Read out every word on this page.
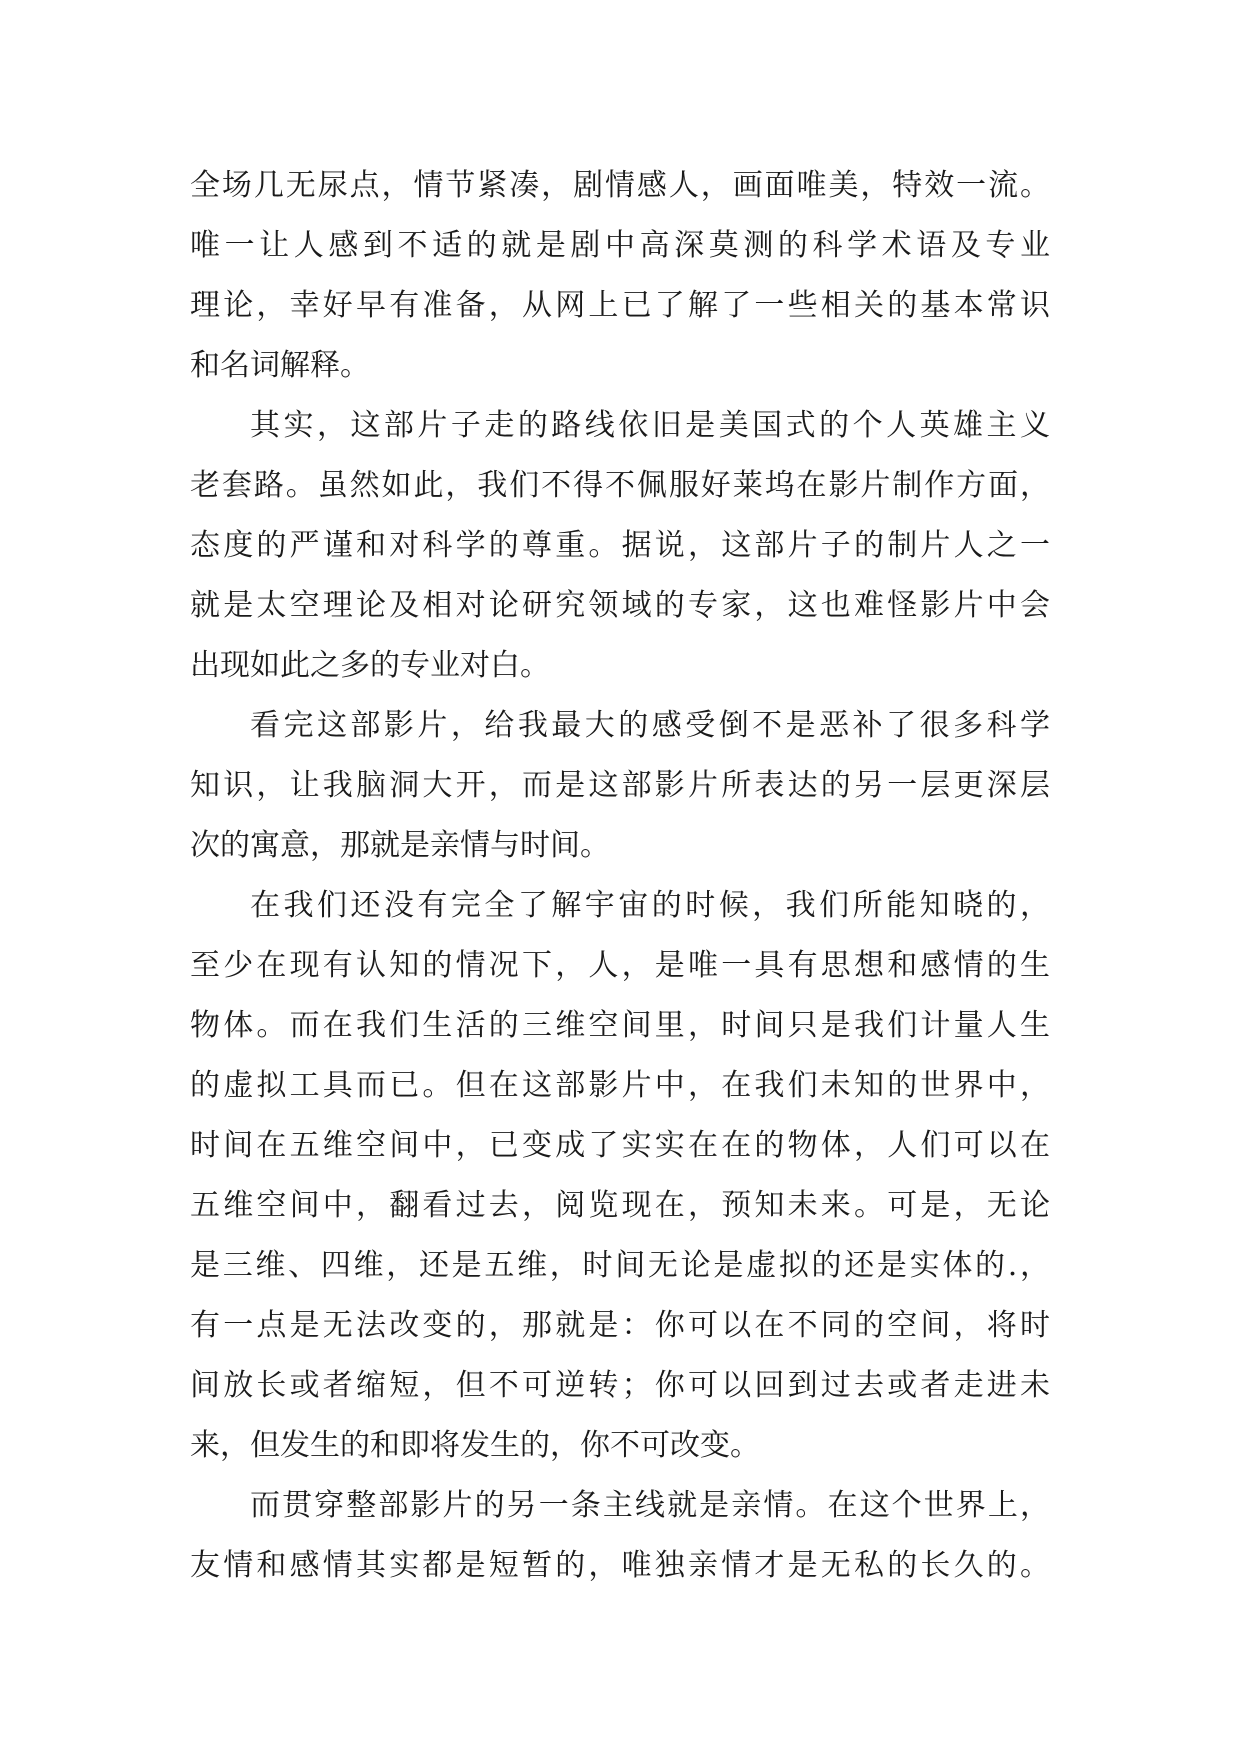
全场几无尿点，情节紧凑，剧情感人，画面唯美，特效一流。
唯一让人感到不适的就是剧中高深莫测的科学术语及专业
理论，幸好早有准备，从网上已了解了一些相关的基本常识
和名词解释。
其实，这部片子走的路线依旧是美国式的个人英雄主义
老套路。虽然如此，我们不得不佩服好莱坞在影片制作方面，
态度的严谨和对科学的尊重。据说，这部片子的制片人之一
就是太空理论及相对论研究领域的专家，这也难怪影片中会
出现如此之多的专业对白。
看完这部影片，给我最大的感受倒不是恶补了很多科学
知识，让我脑洞大开，而是这部影片所表达的另一层更深层
次的寓意，那就是亲情与时间。
在我们还没有完全了解宇宙的时候，我们所能知晓的，
至少在现有认知的情况下，人，是唯一具有思想和感情的生
物体。而在我们生活的三维空间里，时间只是我们计量人生
的虚拟工具而已。但在这部影片中，在我们未知的世界中，
时间在五维空间中，已变成了实实在在的物体，人们可以在
五维空间中，翻看过去，阅览现在，预知未来。可是，无论
是三维、四维，还是五维，时间无论是虚拟的还是实体的.，
有一点是无法改变的，那就是：你可以在不同的空间，将时
间放长或者缩短，但不可逆转；你可以回到过去或者走进未
来，但发生的和即将发生的，你不可改变。
而贯穿整部影片的另一条主线就是亲情。在这个世界上，
友情和感情其实都是短暂的，唯独亲情才是无私的长久的。
